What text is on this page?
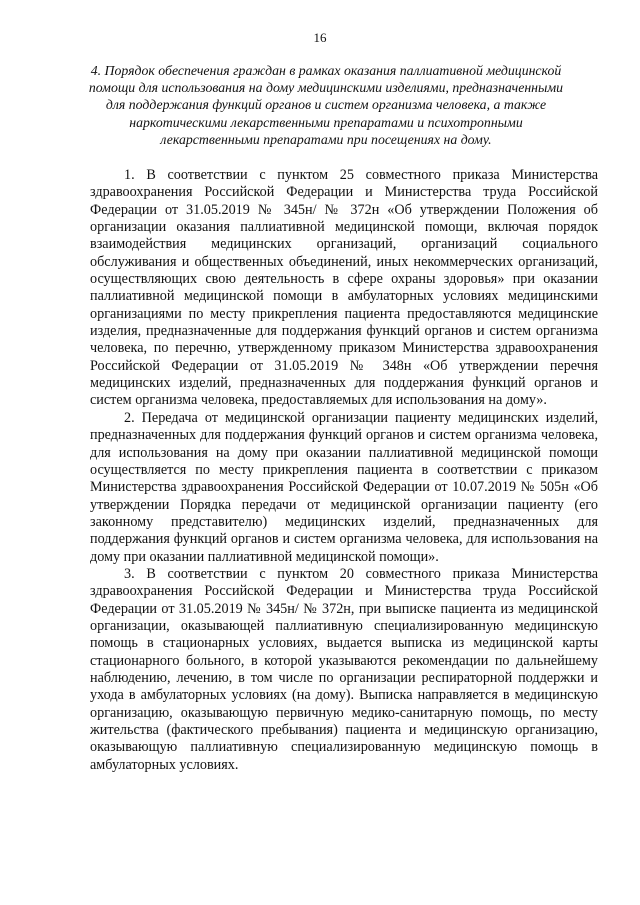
16
4. Порядок обеспечения граждан в рамках оказания паллиативной медицинской помощи для использования на дому медицинскими изделиями, предназначенными для поддержания функций органов и систем организма человека, а также наркотическими лекарственными препаратами и психотропными лекарственными препаратами при посещениях на дому.

1. В соответствии с пунктом 25 совместного приказа Министерства здравоохранения Российской Федерации и Министерства труда Российской Федерации от 31.05.2019 № 345н/ № 372н «Об утверждении Положения об организации оказания паллиативной медицинской помощи, включая порядок взаимодействия медицинских организаций, организаций социального обслуживания и общественных объединений, иных некоммерческих организаций, осуществляющих свою деятельность в сфере охраны здоровья» при оказании паллиативной медицинской помощи в амбулаторных условиях медицинскими организациями по месту прикрепления пациента предоставляются медицинские изделия, предназначенные для поддержания функций органов и систем организма человека, по перечню, утвержденному приказом Министерства здравоохранения Российской Федерации от 31.05.2019 № 348н «Об утверждении перечня медицинских изделий, предназначенных для поддержания функций органов и систем организма человека, предоставляемых для использования на дому».

2. Передача от медицинской организации пациенту медицинских изделий, предназначенных для поддержания функций органов и систем организма человека, для использования на дому при оказании паллиативной медицинской помощи осуществляется по месту прикрепления пациента в соответствии с приказом Министерства здравоохранения Российской Федерации от 10.07.2019 № 505н «Об утверждении Порядка передачи от медицинской организации пациенту (его законному представителю) медицинских изделий, предназначенных для поддержания функций органов и систем организма человека, для использования на дому при оказании паллиативной медицинской помощи».

3. В соответствии с пунктом 20 совместного приказа Министерства здравоохранения Российской Федерации и Министерства труда Российской Федерации от 31.05.2019 № 345н/ № 372н, при выписке пациента из медицинской организации, оказывающей паллиативную специализированную медицинскую помощь в стационарных условиях, выдается выписка из медицинской карты стационарного больного, в которой указываются рекомендации по дальнейшему наблюдению, лечению, в том числе по организации респираторной поддержки и ухода в амбулаторных условиях (на дому). Выписка направляется в медицинскую организацию, оказывающую первичную медико-санитарную помощь, по месту жительства (фактического пребывания) пациента и медицинскую организацию, оказывающую паллиативную специализированную медицинскую помощь в амбулаторных условиях.
